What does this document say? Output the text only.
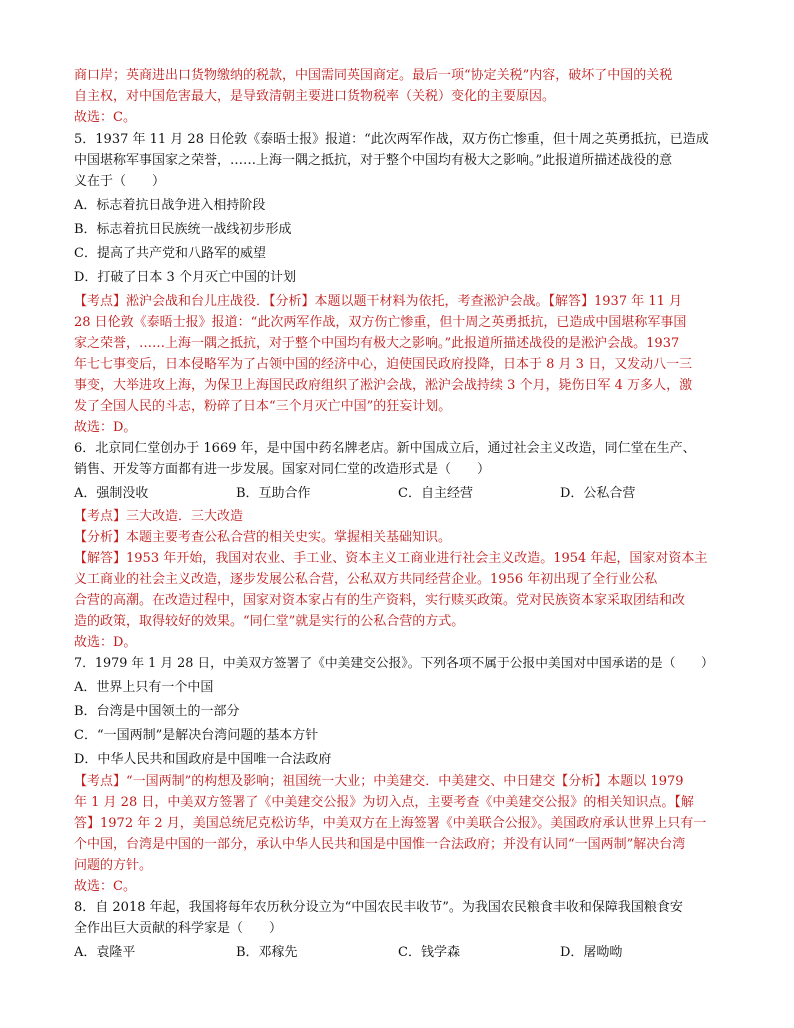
商口岸；英商进出口货物缴纳的税款，中国需同英国商定。最后一项“协定关税”内容，破坏了中国的关税
自主权，对中国危害最大，是导致清朝主要进口货物税率（关税）变化的主要原因。
故选：C。
5．1937 年 11 月 28 日伦敦《泰晤士报》报道：“此次两军作战，双方伤亡惨重，但十周之英勇抵抗，已造成
中国堪称军事国家之荣誉，……上海一隅之抵抗，对于整个中国均有极大之影响。”此报道所描述战役的意
义在于（　　）
A．标志着抗日战争进入相持阶段
B．标志着抗日民族统一战线初步形成
C．提高了共产党和八路军的威望
D．打破了日本 3 个月灭亡中国的计划
【考点】淞沪会战和台儿庄战役．【分析】本题以题干材料为依托，考查淞沪会战。【解答】1937 年 11 月
28 日伦敦《泰晤士报》报道：“此次两军作战，双方伤亡惨重，但十周之英勇抵抗，已造成中国堪称军事国
家之荣誉，……上海一隅之抵抗，对于整个中国均有极大之影响。”此报道所描述战役的是淞沪会战。1937
年七七事变后，日本侵略军为了占领中国的经济中心，迫使国民政府投降，日本于 8 月 3 日，又发动八一三
事变，大举进攻上海，为保卫上海国民政府组织了淞沪会战，淞沪会战持续 3 个月，毙伤日军 4 万多人，激
发了全国人民的斗志，粉碎了日本“三个月灭亡中国”的狂妄计划。
故选：D。
6．北京同仁堂创办于 1669 年，是中国中药名牌老店。新中国成立后，通过社会主义改造，同仁堂在生产、
销售、开发等方面都有进一步发展。国家对同仁堂的改造形式是（　　）
A．强制没收	B．互助合作	C．自主经营	D．公私合营
【考点】三大改造．三大改造
【分析】本题主要考查公私合营的相关史实。掌握相关基础知识。
【解答】1953 年开始，我国对农业、手工业、资本主义工商业进行社会主义改造。1954 年起，国家对资本主
义工商业的社会主义改造，逐步发展公私合营，公私双方共同经营企业。1956 年初出现了全行业公私
合营的高潮。在改造过程中，国家对资本家占有的生产资料，实行赎买政策。党对民族资本家采取团结和改
造的政策，取得较好的效果。“同仁堂”就是实行的公私合营的方式。
故选：D。
7．1979 年 1 月 28 日，中美双方签署了《中美建交公报》。下列各项不属于公报中美国对中国承诺的是（　　）
A．世界上只有一个中国
B．台湾是中国领土的一部分
C．“一国两制”是解决台湾问题的基本方针
D．中华人民共和国政府是中国唯一合法政府
【考点】“一国两制”的构想及影响；祖国统一大业；中美建交．中美建交、中日建交【分析】本题以 1979
年 1 月 28 日，中美双方签署了《中美建交公报》为切入点，主要考查《中美建交公报》的相关知识点。【解
答】1972 年 2 月，美国总统尼克松访华，中美双方在上海签署《中美联合公报》。美国政府承认世界上只有一
个中国，台湾是中国的一部分，承认中华人民共和国是中国惟一合法政府；并没有认同“一国两制”解决台湾
问题的方针。
故选：C。
8．自 2018 年起，我国将每年农历秋分设立为“中国农民丰收节”。为我国农民粮食丰收和保障我国粮食安
全作出巨大贡献的科学家是（　　）
A．袁隆平	B．邓稼先	C．钱学森	D．屠呦呦
